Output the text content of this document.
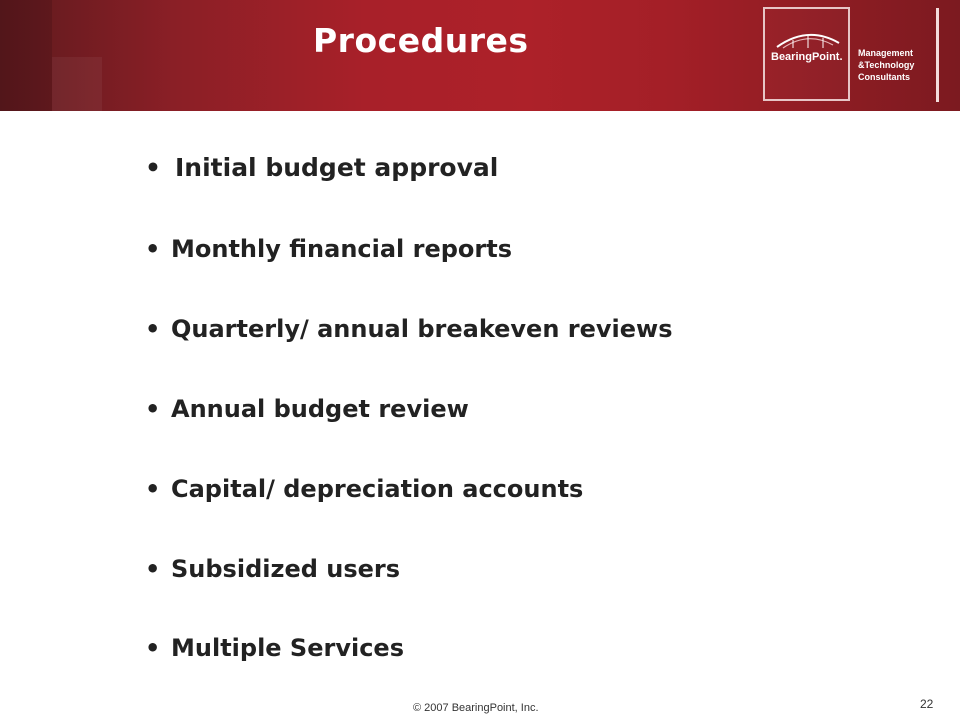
Procedures	BearingPoint.	Management
&Technology
Consultants
• Initial budget approval
• Monthly financial reports
• Quarterly/ annual breakeven reviews
• Annual budget review
• Capital/ depreciation accounts
• Subsidized users
• Multiple Services
© 2007 BearingPoint, Inc.	22
